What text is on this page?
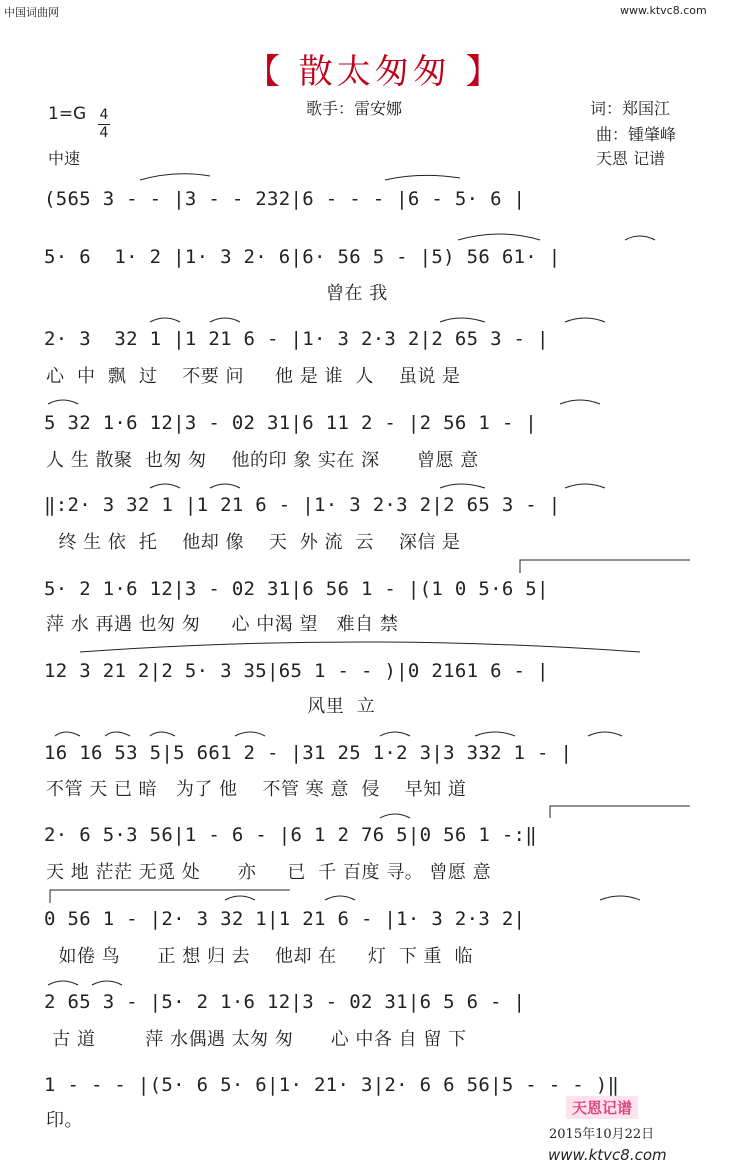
中国词曲网	www.ktvc8.com
【 散太匆匆 】
歌手：雷安娜	词：郑国江
曲：锺肇峰
1=G 4
4
中速	天恩 记谱
(565 3 - - |3 - - 232|6 - - - |6 - 5· 6 |
5· 6  1· 2 |1· 3 2· 6|6· 56 5 - |5) 56 61· |
曾在 我
2· 3  32 1 |1 21 6 - |1· 3 2·3 2|2 65 3 - |
心  中  飘  过    不要 问     他 是 谁  人    虽说 是
5 32 1·6 12|3 - 02 31|6 11 2 - |2 56 1 - |
人 生 散聚  也匆 匆    他的印 象 实在 深      曾愿 意
‖:2· 3 32 1 |1 21 6 - |1· 3 2·3 2|2 65 3 - |
终 生 依  托    他却 像    天  外 流  云    深信 是
5· 2 1·6 12|3 - 02 31|6 56 1 - |(1 0 5·6 5|
萍 水 再遇 也匆 匆     心 中渴 望   难自 禁
12 3 21 2|2 5· 3 35|65 1 - - )|0 2161 6 - |
风里  立
16 16 53 5|5 661 2 - |31 25 1·2 3|3 332 1 - |
不管 天 已 暗   为了 他    不管 寒 意  侵    早知 道
2· 6 5·3 56|1 - 6 - |6 1 2 76 5|0 56 1 -:‖
天 地 茫茫 无觅 处      亦     已  千 百度 寻。 曾愿 意
0 56 1 - |2· 3 32 1|1 21 6 - |1· 3 2·3 2|
如倦 鸟      正 想 归 去    他却 在     灯  下 重  临
2 65 3 - |5· 2 1·6 12|3 - 02 31|6 5 6 - |
古 道        萍 水偶遇 太匆 匆      心 中各 自 留 下
1 - - - |(5· 6 5· 6|1· 21· 3|2· 6 6 56|5 - - - )‖
印。
天恩记谱
2015年10月22日
www.ktvc8.com
